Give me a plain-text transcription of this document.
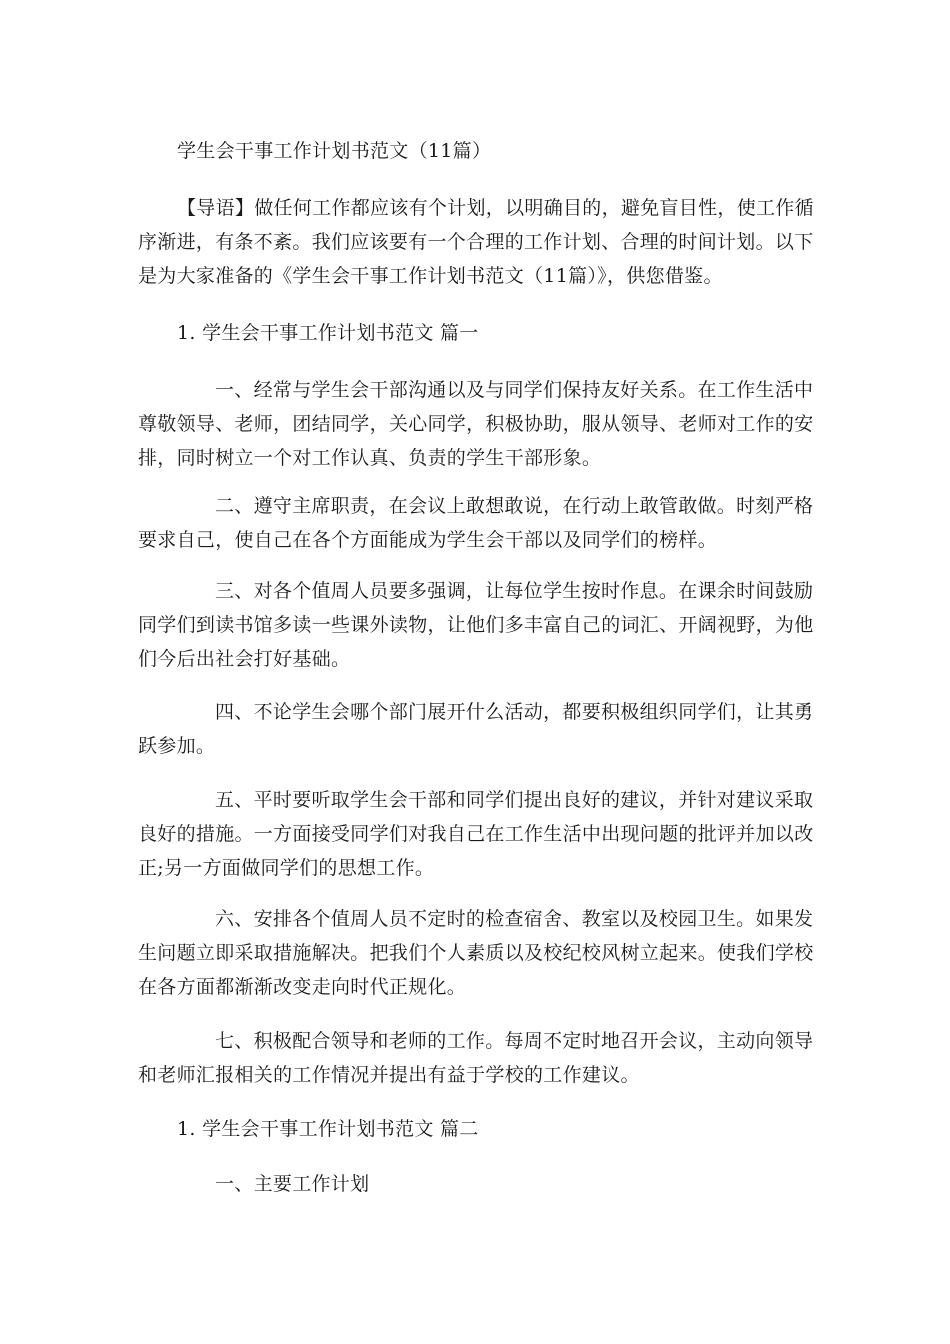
学生会干事工作计划书范文（11篇）
【导语】做任何工作都应该有个计划，以明确目的，避免盲目性，使工作循
序渐进，有条不紊。我们应该要有一个合理的工作计划、合理的时间计划。以下
是为大家准备的《学生会干事工作计划书范文（11篇）》，供您借鉴。
1. 学生会干事工作计划书范文 篇一
一、经常与学生会干部沟通以及与同学们保持友好关系。在工作生活中
尊敬领导、老师，团结同学，关心同学，积极协助，服从领导、老师对工作的安
排，同时树立一个对工作认真、负责的学生干部形象。
二、遵守主席职责，在会议上敢想敢说，在行动上敢管敢做。时刻严格
要求自己，使自己在各个方面能成为学生会干部以及同学们的榜样。
三、对各个值周人员要多强调，让每位学生按时作息。在课余时间鼓励
同学们到读书馆多读一些课外读物，让他们多丰富自己的词汇、开阔视野，为他
们今后出社会打好基础。
四、不论学生会哪个部门展开什么活动，都要积极组织同学们，让其勇
跃参加。
五、平时要听取学生会干部和同学们提出良好的建议，并针对建议采取
良好的措施。一方面接受同学们对我自己在工作生活中出现问题的批评并加以改
正;另一方面做同学们的思想工作。
六、安排各个值周人员不定时的检查宿舍、教室以及校园卫生。如果发
生问题立即采取措施解决。把我们个人素质以及校纪校风树立起来。使我们学校
在各方面都渐渐改变走向时代正规化。
七、积极配合领导和老师的工作。每周不定时地召开会议，主动向领导
和老师汇报相关的工作情况并提出有益于学校的工作建议。
1. 学生会干事工作计划书范文 篇二
一、主要工作计划
